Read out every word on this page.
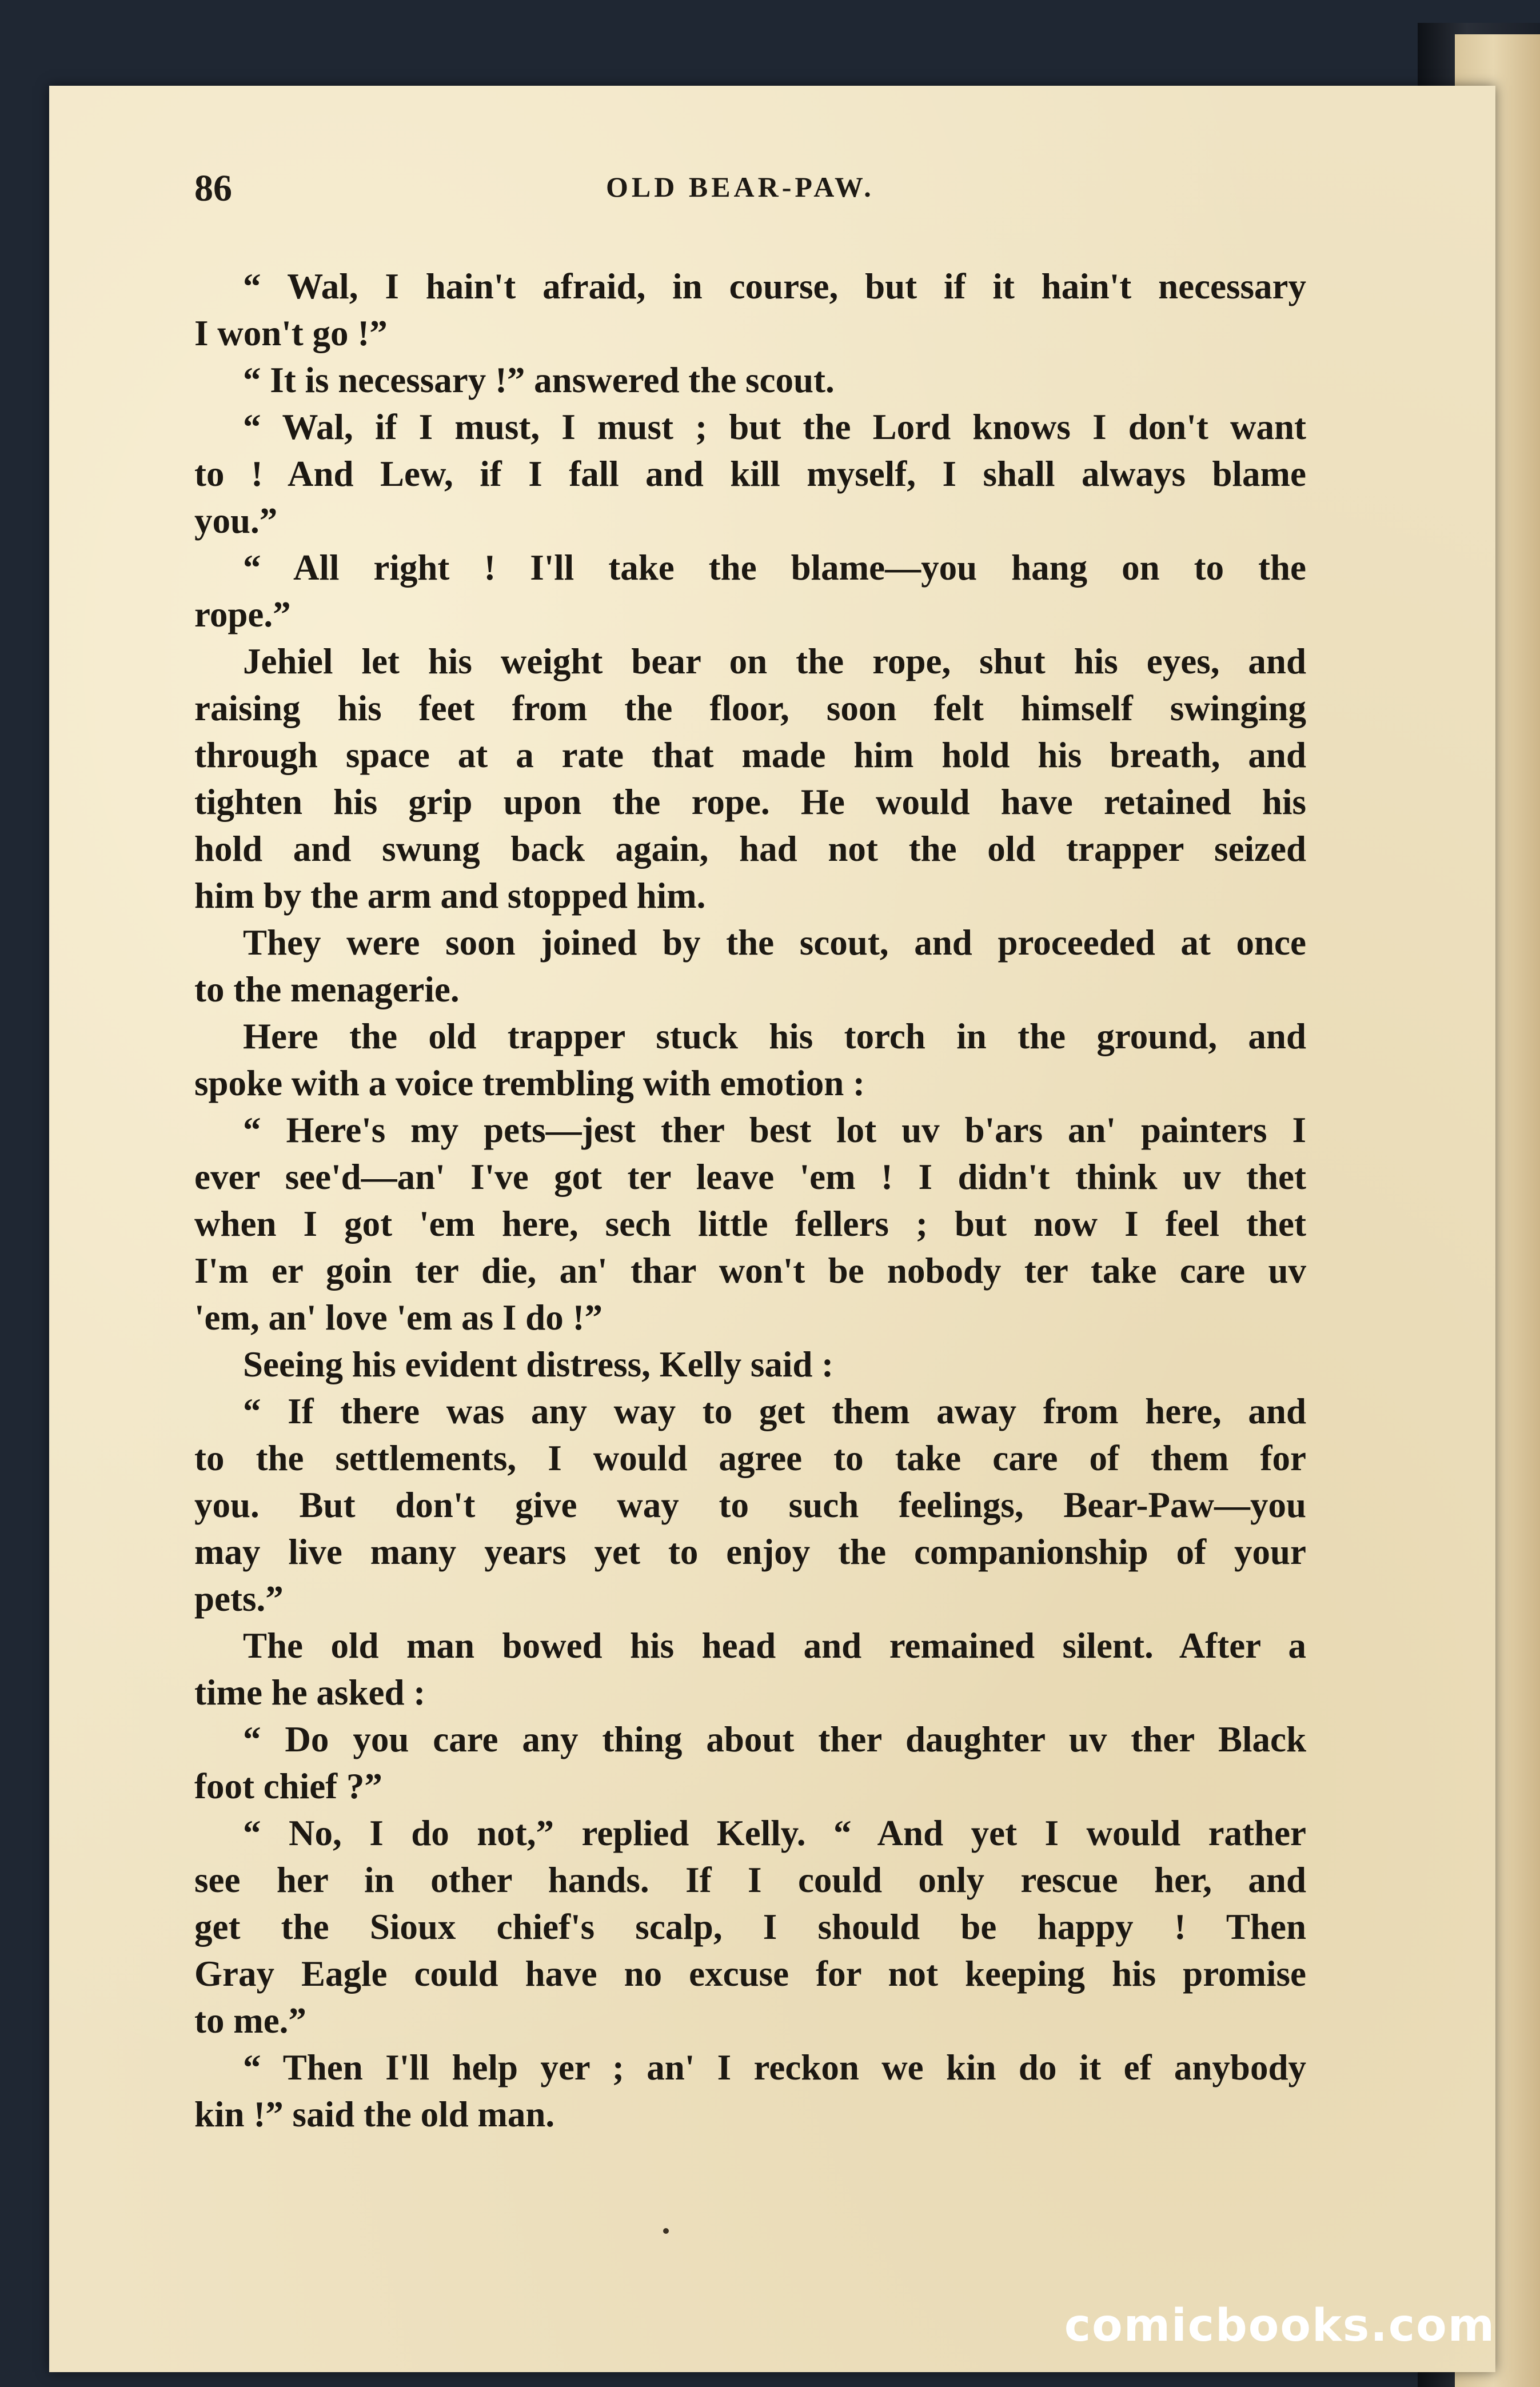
86	OLD BEAR-PAW.
“ Wal, I hain't afraid, in course, but if it hain't necessary
I won't go !”
“ It is necessary !” answered the scout.
“ Wal, if I must, I must ; but the Lord knows I don't want
to ! And Lew, if I fall and kill myself, I shall always blame
you.”
“ All right ! I'll take the blame—you hang on to the
rope.”
Jehiel let his weight bear on the rope, shut his eyes, and
raising his feet from the floor, soon felt himself swinging
through space at a rate that made him hold his breath, and
tighten his grip upon the rope. He would have retained his
hold and swung back again, had not the old trapper seized
him by the arm and stopped him.
They were soon joined by the scout, and proceeded at once
to the menagerie.
Here the old trapper stuck his torch in the ground, and
spoke with a voice trembling with emotion :
“ Here's my pets—jest ther best lot uv b'ars an' painters I
ever see'd—an' I've got ter leave 'em ! I didn't think uv thet
when I got 'em here, sech little fellers ; but now I feel thet
I'm er goin ter die, an' thar won't be nobody ter take care uv
'em, an' love 'em as I do !”
Seeing his evident distress, Kelly said :
“ If there was any way to get them away from here, and
to the settlements, I would agree to take care of them for
you. But don't give way to such feelings, Bear-Paw—you
may live many years yet to enjoy the companionship of your
pets.”
The old man bowed his head and remained silent. After a
time he asked :
“ Do you care any thing about ther daughter uv ther Black
foot chief ?”
“ No, I do not,” replied Kelly. “ And yet I would rather
see her in other hands. If I could only rescue her, and
get the Sioux chief's scalp, I should be happy ! Then
Gray Eagle could have no excuse for not keeping his promise
to me.”
“ Then I'll help yer ; an' I reckon we kin do it ef anybody
kin !” said the old man.
comicbooks.com
